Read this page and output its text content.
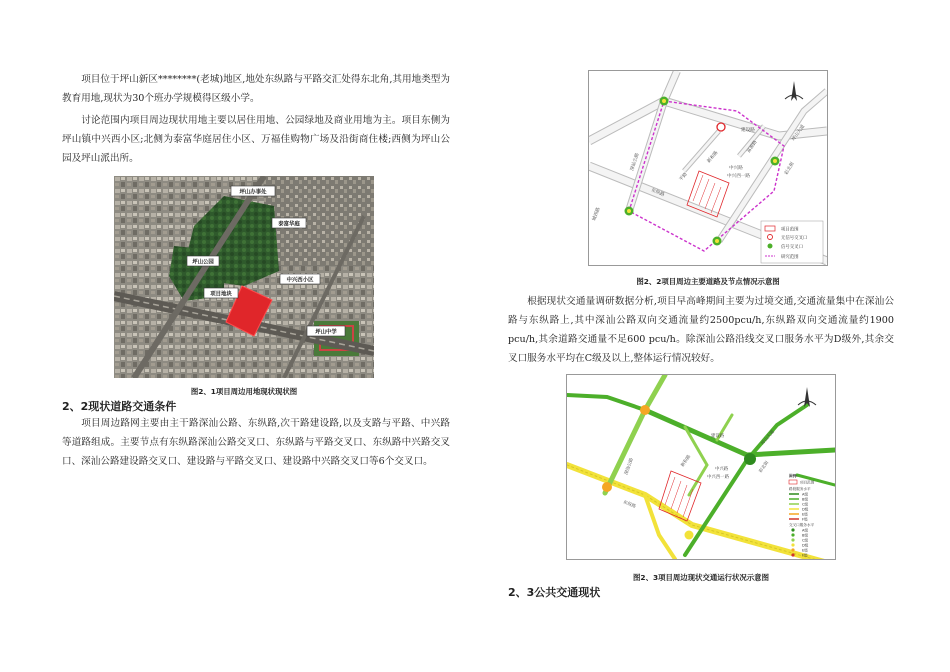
项目位于坪山新区********(老城)地区,地处东纵路与平路交汇处得东北角,其用地类型为教育用地,现状为30个班办学规模得区级小学。

讨论范围内项目周边现状用地主要以居住用地、公园绿地及商业用地为主。项目东侧为坪山镇中兴西小区;北侧为泰富华庭居住小区、万福佳购物广场及沿街商住楼;西侧为坪山公园及坪山派出所。

坪山办事处
泰富华庭
坪山公园
中兴西小区
项目地块
坪山中学
图2、1项目周边用地现状现状图
2、2现状道路交通条件

项目周边路网主要由主干路深汕公路、东纵路,次干路建设路,以及支路与平路、中兴路等道路组成。主要节点有东纵路深汕公路交叉口、东纵路与平路交叉口、东纵路中兴路交叉口、深汕公路建设路交叉口、建设路与平路交叉口、建设路中兴路交叉口等6个交叉口。

建设路
深汕公路
平路
中兴路
中兴西一路
东纵路
新和路
富源路
城西路
彩北街
坪山大道
项目范围
无信号交叉口
信号交叉口
研究范围
图2、2项目周边主要道路及节点情况示意图

根据现状交通量调研数据分析,项目早高峰期间主要为过境交通,交通流量集中在深汕公路与东纵路上,其中深汕公路双向交通流量约2500pcu/h,东纵路双向交通流量约1900 pcu/h,其余道路交通量不足600 pcu/h。除深汕公路沿线交叉口服务水平为D级外,其余交叉口服务水平均在C级及以上,整体运行情况较好。

深汕公路
东纵路
中兴路
中兴西一路
新和路
建设路
彩北街
坪山大道
图例:
项目范围
路段服务水平
A级
B级
C级
D级
E级
F级
交叉口服务水平
A级
B级
C级
D级
E级
F级
图2、3项目周边现状交通运行状况示意图
2、3公共交通现状
